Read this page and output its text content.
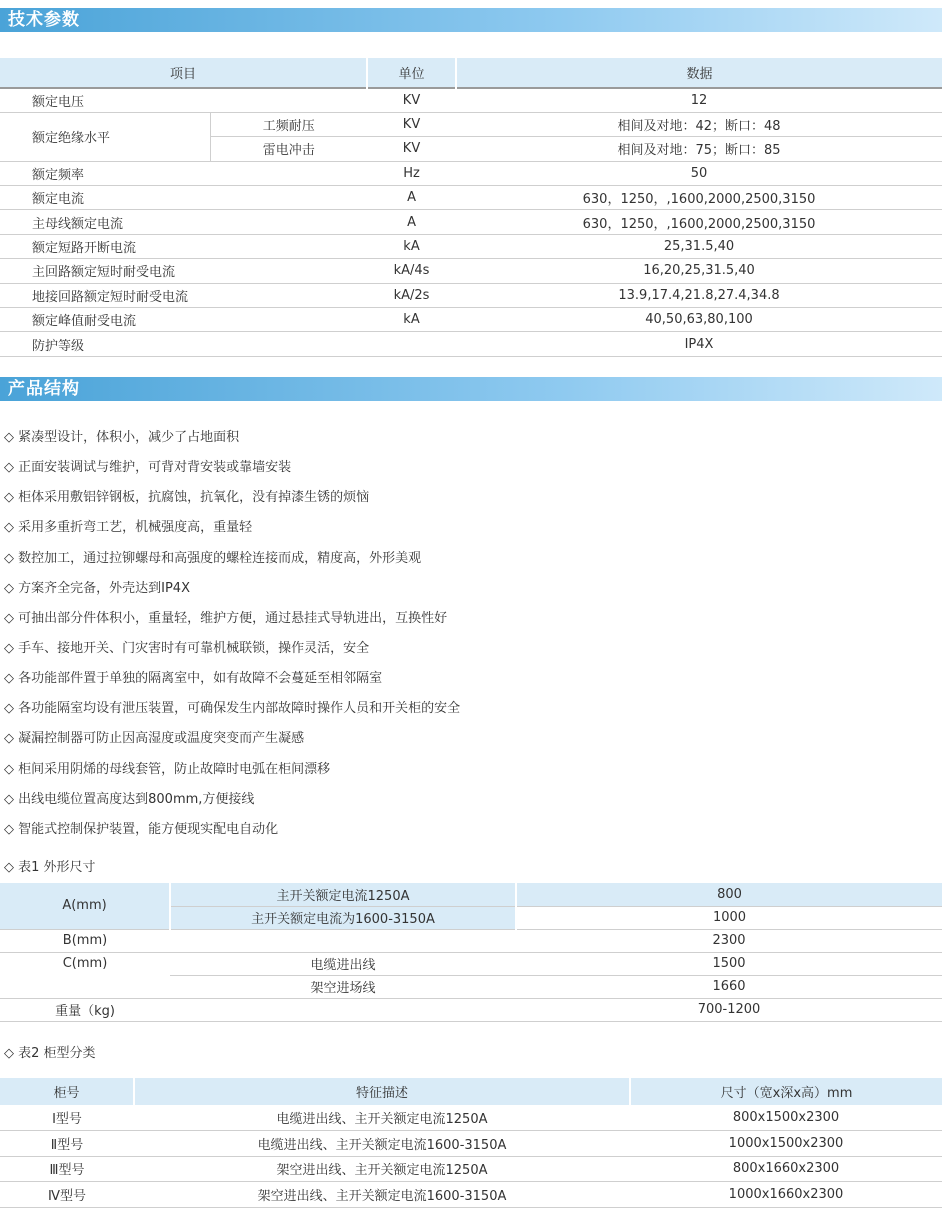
技术参数
项目		单位	数据
额定电压		KV	12
额定绝缘水平	工频耐压	KV	相间及对地：42；断口：48
	雷电冲击	KV	相间及对地：75；断口：85
额定频率		Hz	50
额定电流		A	630，1250，,1600,2000,2500,3150
主母线额定电流		A	630，1250，,1600,2000,2500,3150
额定短路开断电流		kA	25,31.5,40
主回路额定短时耐受电流		kA/4s	16,20,25,31.5,40
地接回路额定短时耐受电流		kA/2s	13.9,17.4,21.8,27.4,34.8
额定峰值耐受电流		kA	40,50,63,80,100
防护等级			IP4X
产品结构
◇ 紧凑型设计，体积小，减少了占地面积
◇ 正面安装调试与维护，可背对背安装或靠墙安装
◇ 柜体采用敷铝锌钢板，抗腐蚀，抗氧化，没有掉漆生锈的烦恼
◇ 采用多重折弯工艺，机械强度高，重量轻
◇ 数控加工，通过拉铆螺母和高强度的螺栓连接而成，精度高，外形美观
◇ 方案齐全完备，外壳达到IP4X
◇ 可抽出部分件体积小，重量轻，维护方便，通过悬挂式导轨进出，互换性好
◇ 手车、接地开关、门灾害时有可靠机械联锁，操作灵活，安全
◇ 各功能部件置于单独的隔离室中，如有故障不会蔓延至相邻隔室
◇ 各功能隔室均设有泄压装置，可确保发生内部故障时操作人员和开关柜的安全
◇ 凝漏控制器可防止因高湿度或温度突变而产生凝感
◇ 柜间采用阴烯的母线套管，防止故障时电弧在柜间漂移
◇ 出线电缆位置高度达到800mm,方便接线
◇ 智能式控制保护装置，能方便现实配电自动化
◇ 表1 外形尺寸
A(mm)	主开关额定电流1250A	800
	主开关额定电流为1600-3150A	1000
B(mm)		2300
C(mm)	电缆进出线	1500
	架空进场线	1660
重量（kg)		700-1200
◇ 表2 柜型分类
柜号	特征描述	尺寸（宽x深x高）mm
Ⅰ型号	电缆进出线、主开关额定电流1250A	800x1500x2300
Ⅱ型号	电缆进出线、主开关额定电流1600-3150A	1000x1500x2300
Ⅲ型号	架空进出线、主开关额定电流1250A	800x1660x2300
Ⅳ型号	架空进出线、主开关额定电流1600-3150A	1000x1660x2300
